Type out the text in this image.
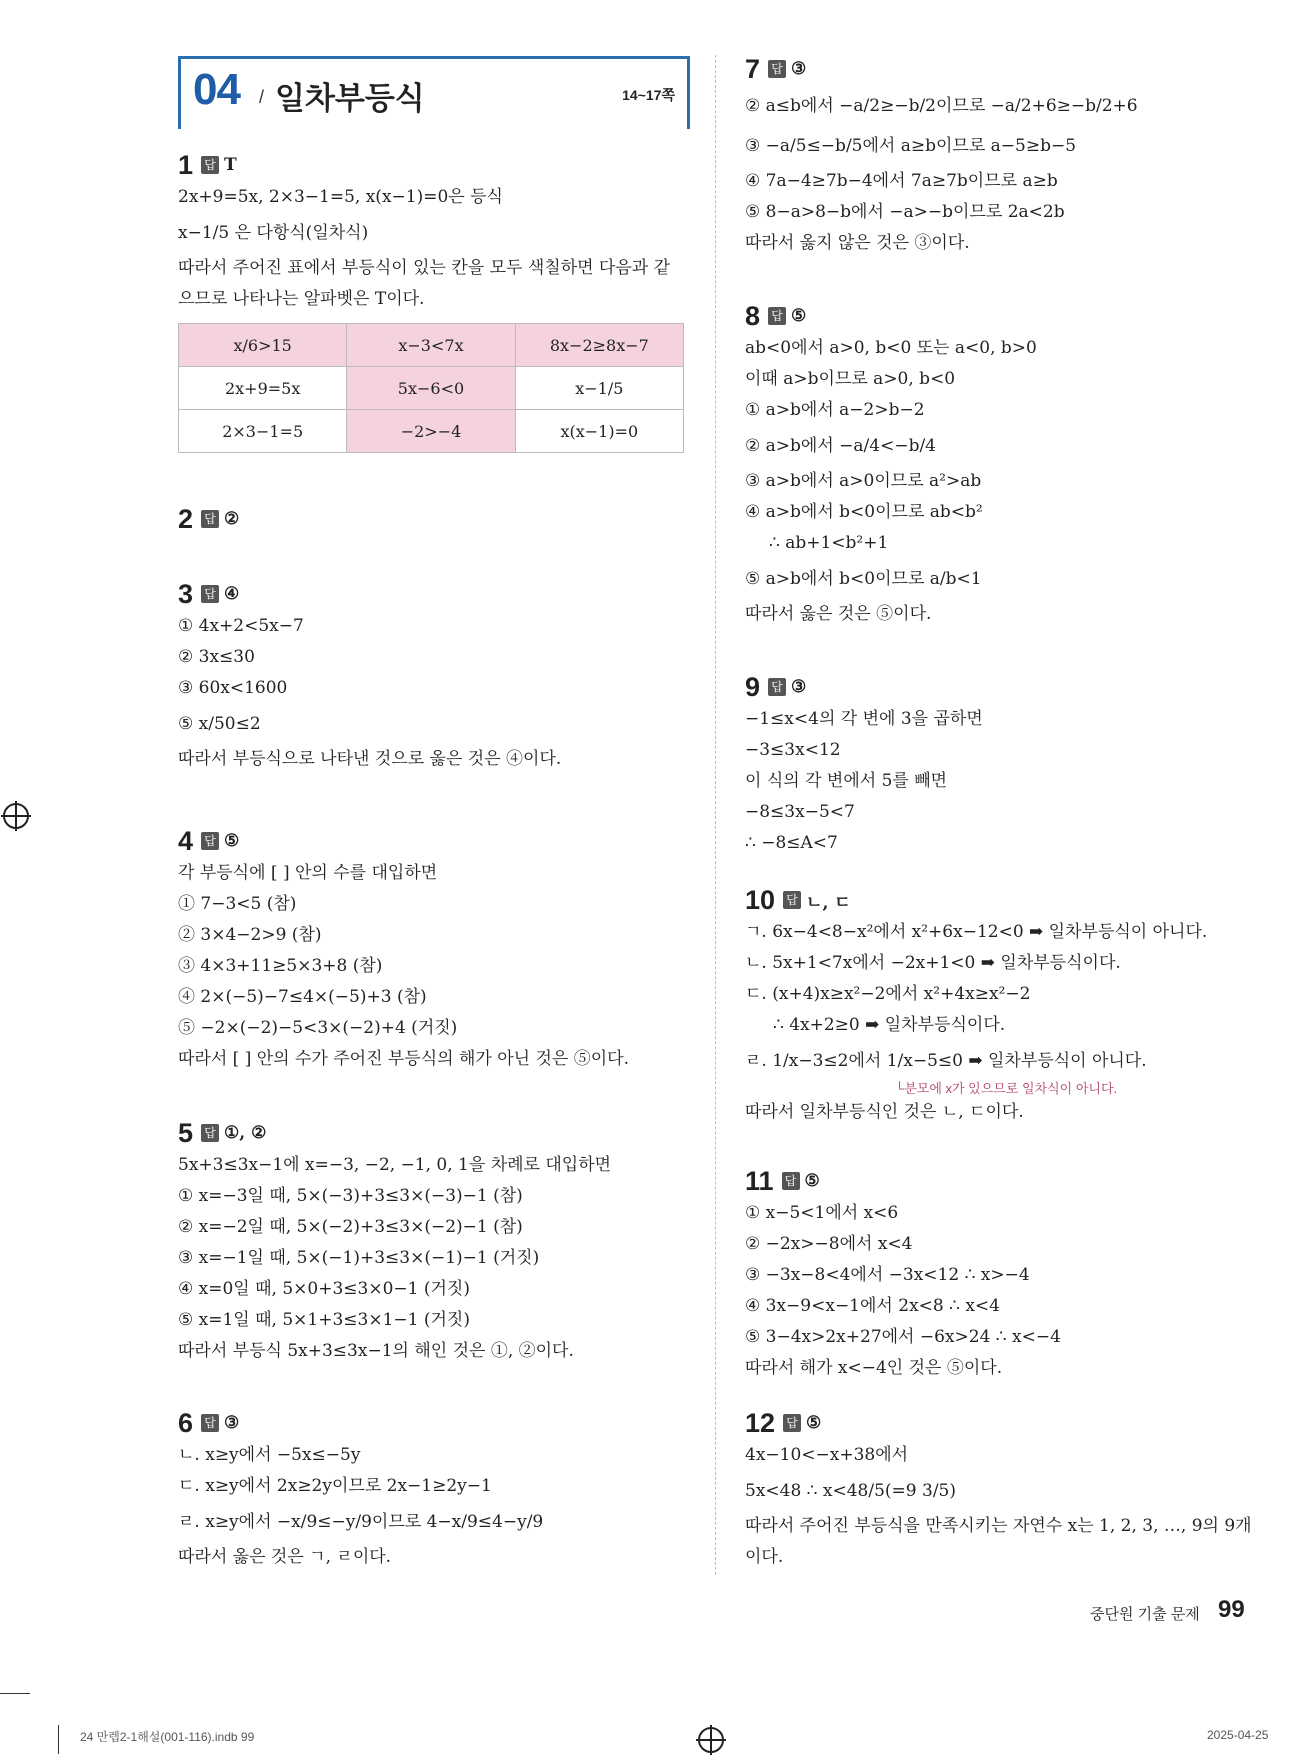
04 / 일차부등식	14~17쪽
1 답 T
2x+9=5x, 2×3−1=5, x(x−1)=0은 등식
x−1/5 은 다항식(일차식)
따라서 주어진 표에서 부등식이 있는 칸을 모두 색칠하면 다음과 같
으므로 나타나는 알파벳은 T이다.
x/6>15	x−3<7x	8x−2≥8x−7
2x+9=5x	5x−6<0	x−1/5
2×3−1=5	−2>−4	x(x−1)=0
2 답 ②
3 답 ④
① 4x+2<5x−7
② 3x≤30
③ 60x<1600
⑤ x/50≤2
따라서 부등식으로 나타낸 것으로 옳은 것은 ④이다.
4 답 ⑤
각 부등식에 [ ] 안의 수를 대입하면
① 7−3<5 (참)
② 3×4−2>9 (참)
③ 4×3+11≥5×3+8 (참)
④ 2×(−5)−7≤4×(−5)+3 (참)
⑤ −2×(−2)−5<3×(−2)+4 (거짓)
따라서 [ ] 안의 수가 주어진 부등식의 해가 아닌 것은 ⑤이다.
5 답 ①, ②
5x+3≤3x−1에 x=−3, −2, −1, 0, 1을 차례로 대입하면
① x=−3일 때, 5×(−3)+3≤3×(−3)−1 (참)
② x=−2일 때, 5×(−2)+3≤3×(−2)−1 (참)
③ x=−1일 때, 5×(−1)+3≤3×(−1)−1 (거짓)
④ x=0일 때, 5×0+3≤3×0−1 (거짓)
⑤ x=1일 때, 5×1+3≤3×1−1 (거짓)
따라서 부등식 5x+3≤3x−1의 해인 것은 ①, ②이다.
6 답 ③
ㄴ. x≥y에서 −5x≤−5y
ㄷ. x≥y에서 2x≥2y이므로 2x−1≥2y−1
ㄹ. x≥y에서 −x/9≤−y/9이므로 4−x/9≤4−y/9
따라서 옳은 것은 ㄱ, ㄹ이다.
7 답 ③
② a≤b에서 −a/2≥−b/2이므로 −a/2+6≥−b/2+6
③ −a/5≤−b/5에서 a≥b이므로 a−5≥b−5
④ 7a−4≥7b−4에서 7a≥7b이므로 a≥b
⑤ 8−a>8−b에서 −a>−b이므로 2a<2b
따라서 옳지 않은 것은 ③이다.
8 답 ⑤
ab<0에서 a>0, b<0 또는 a<0, b>0
이때 a>b이므로 a>0, b<0
① a>b에서 a−2>b−2
② a>b에서 −a/4<−b/4
③ a>b에서 a>0이므로 a²>ab
④ a>b에서 b<0이므로 ab<b²
∴ ab+1<b²+1
⑤ a>b에서 b<0이므로 a/b<1
따라서 옳은 것은 ⑤이다.
9 답 ③
−1≤x<4의 각 변에 3을 곱하면
−3≤3x<12
이 식의 각 변에서 5를 빼면
−8≤3x−5<7
∴ −8≤A<7
10 답 ㄴ, ㄷ
ㄱ. 6x−4<8−x²에서 x²+6x−12<0 ➡ 일차부등식이 아니다.
ㄴ. 5x+1<7x에서 −2x+1<0 ➡ 일차부등식이다.
ㄷ. (x+4)x≥x²−2에서 x²+4x≥x²−2
∴ 4x+2≥0 ➡ 일차부등식이다.
ㄹ. 1/x−3≤2에서 1/x−5≤0 ➡ 일차부등식이 아니다.
└분모에 x가 있으므로 일차식이 아니다.
따라서 일차부등식인 것은 ㄴ, ㄷ이다.
11 답 ⑤
① x−5<1에서 x<6
② −2x>−8에서 x<4
③ −3x−8<4에서 −3x<12 ∴ x>−4
④ 3x−9<x−1에서 2x<8 ∴ x<4
⑤ 3−4x>2x+27에서 −6x>24 ∴ x<−4
따라서 해가 x<−4인 것은 ⑤이다.
12 답 ⑤
4x−10<−x+38에서
5x<48 ∴ x<48/5(=9 3/5)
따라서 주어진 부등식을 만족시키는 자연수 x는 1, 2, 3, …, 9의 9개
이다.
중단원 기출 문제 99
24 만렙2-1해설(001-116).indb 99	2025-04-25
